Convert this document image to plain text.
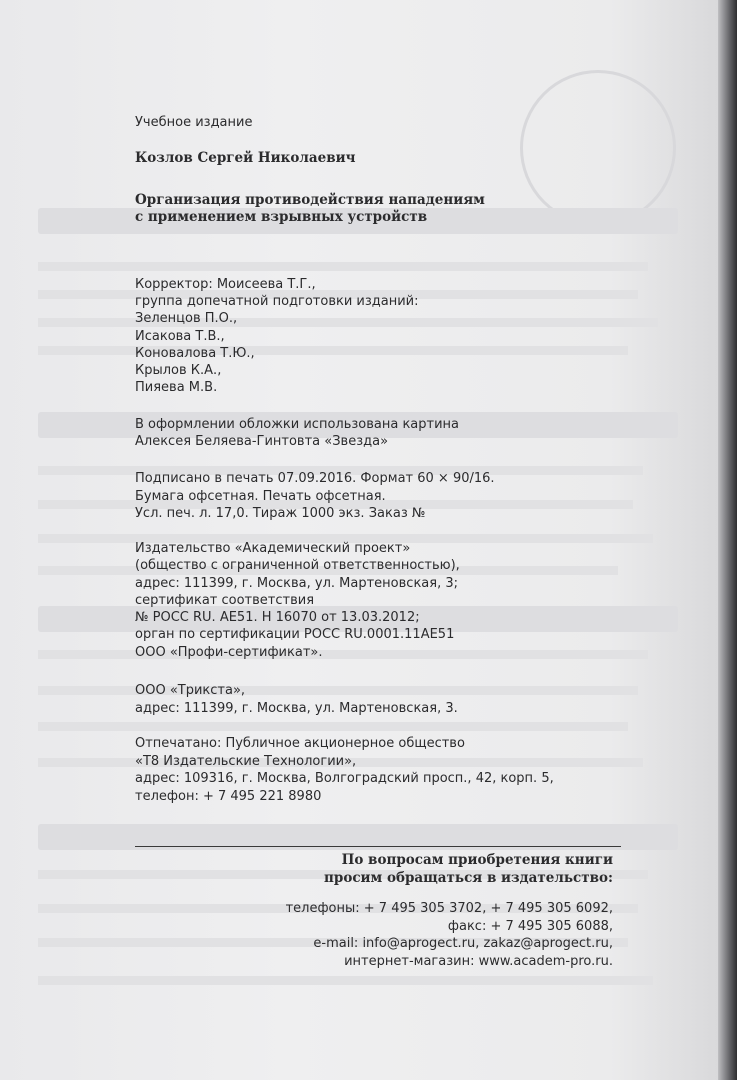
Учебное издание
Козлов Сергей Николаевич
Организация противодействия нападениям
с применением взрывных устройств
Корректор: Моисеева Т.Г.,
группа допечатной подготовки изданий:
Зеленцов П.О.,
Исакова Т.В.,
Коновалова Т.Ю.,
Крылов К.А.,
Пияева М.В.
В оформлении обложки использована картина
Алексея Беляева-Гинтовта «Звезда»
Подписано в печать 07.09.2016. Формат 60 × 90/16.
Бумага офсетная. Печать офсетная.
Усл. печ. л. 17,0. Тираж 1000 экз. Заказ №
Издательство «Академический проект»
(общество с ограниченной ответственностью),
адрес: 111399, г. Москва, ул. Мартеновская, 3;
сертификат соответствия
№ РОСС RU. AE51. H 16070 от 13.03.2012;
орган по сертификации РОСС RU.0001.11AE51
ООО «Профи-сертификат».
ООО «Трикста»,
адрес: 111399, г. Москва, ул. Мартеновская, 3.
Отпечатано: Публичное акционерное общество
«Т8 Издательские Технологии»,
адрес: 109316, г. Москва, Волгоградский просп., 42, корп. 5,
телефон: + 7 495 221 8980
По вопросам приобретения книги
просим обращаться в издательство:
телефоны: + 7 495 305 3702, + 7 495 305 6092,
факс: + 7 495 305 6088,
e-mail: info@aprogect.ru, zakaz@aprogect.ru,
интернет-магазин: www.academ-pro.ru.
